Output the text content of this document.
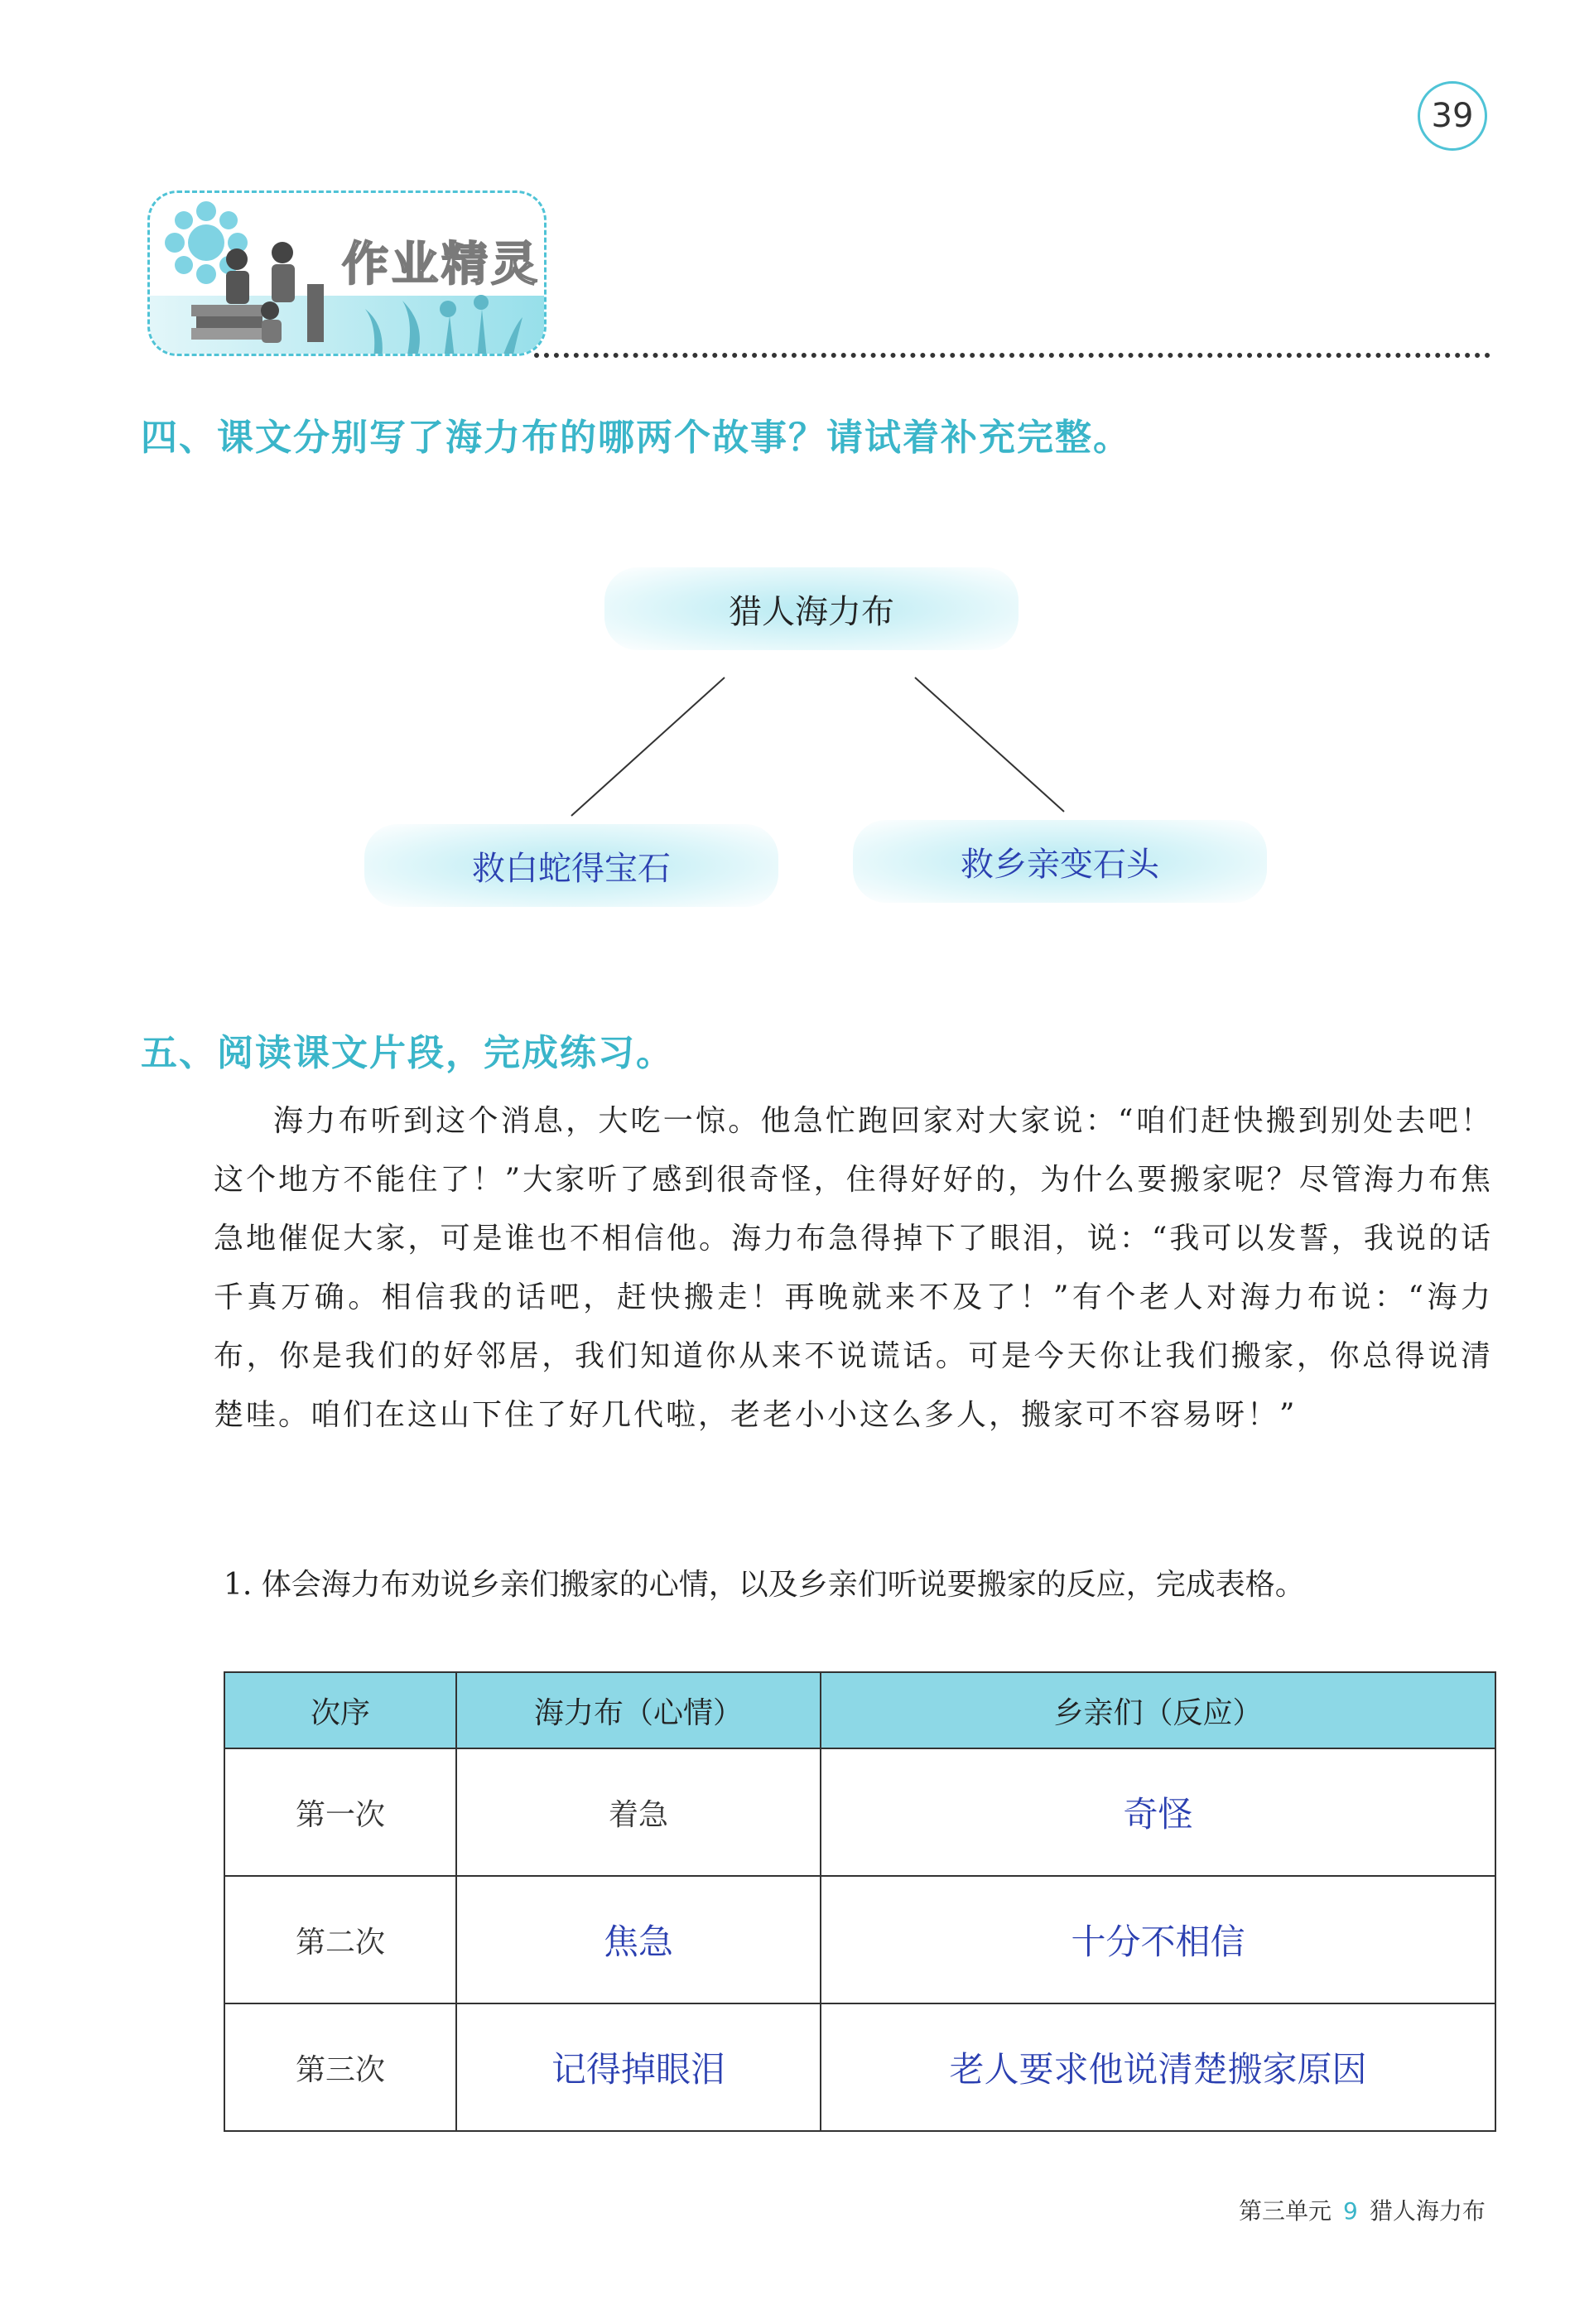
39
作业精灵
四、课文分别写了海力布的哪两个故事？请试着补充完整。
猎人海力布
救白蛇得宝石	救乡亲变石头
五、阅读课文片段，完成练习。
海力布听到这个消息，大吃一惊。他急忙跑回家对大家说：“咱们赶快搬到别处去吧！这个地方不能住了！”大家听了感到很奇怪，住得好好的，为什么要搬家呢？尽管海力布焦急地催促大家，可是谁也不相信他。海力布急得掉下了眼泪，说：“我可以发誓，我说的话千真万确。相信我的话吧，赶快搬走！再晚就来不及了！”有个老人对海力布说：“海力布，你是我们的好邻居，我们知道你从来不说谎话。可是今天你让我们搬家，你总得说清楚哇。咱们在这山下住了好几代啦，老老小小这么多人，搬家可不容易呀！”
1. 体会海力布劝说乡亲们搬家的心情，以及乡亲们听说要搬家的反应，完成表格。
次序	海力布（心情）	乡亲们（反应）
第一次	着急	奇怪
第二次	焦急	十分不相信
第三次	记得掉眼泪	老人要求他说清楚搬家原因
第三单元 9 猎人海力布
